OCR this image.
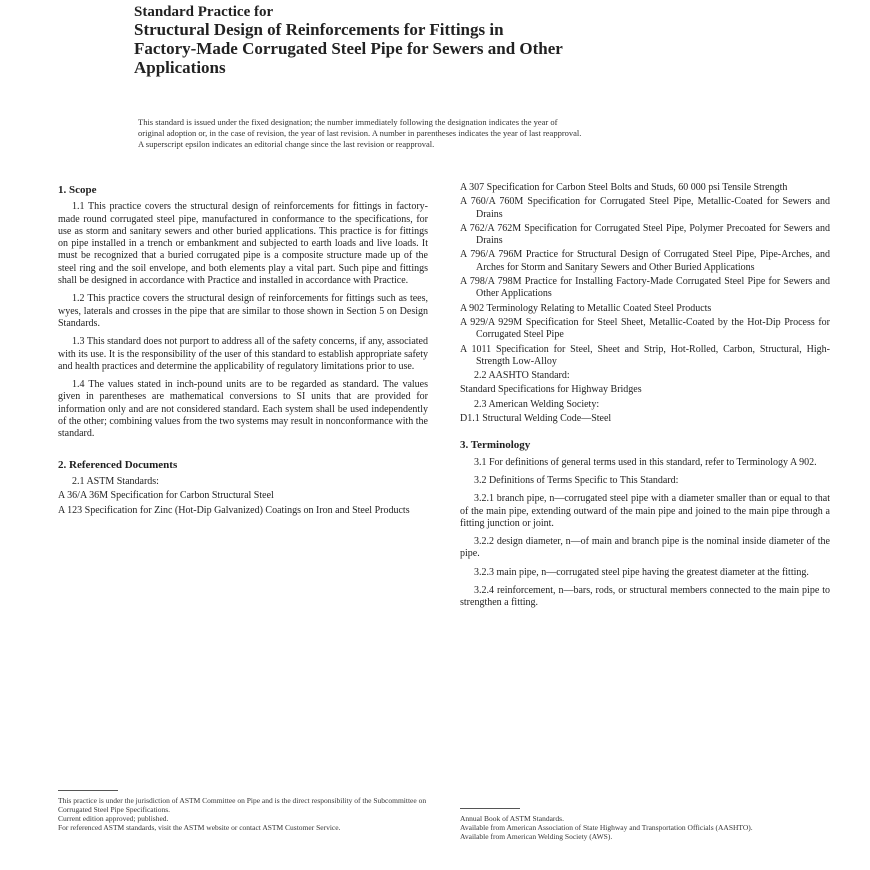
Standard Practice for
Structural Design of Reinforcements for Fittings in
Factory-Made Corrugated Steel Pipe for Sewers and Other
Applications
This standard is issued under the fixed designation; the number immediately following the designation indicates the year of
original adoption or, in the case of revision, the year of last revision. A number in parentheses indicates the year of last reapproval.
A superscript epsilon indicates an editorial change since the last revision or reapproval.
1. Scope

1.1 This practice covers the structural design of reinforcements for fittings in factory-made round corrugated steel pipe, manufactured in conformance to the specifications, for use as storm and sanitary sewers and other buried applications. This practice is for fittings on pipe installed in a trench or embankment and subjected to earth loads and live loads. It must be recognized that a buried corrugated pipe is a composite structure made up of the steel ring and the soil envelope, and both elements play a vital part. Such pipe and fittings shall be designed in accordance with Practice and installed in accordance with Practice.

1.2 This practice covers the structural design of reinforcements for fittings such as tees, wyes, laterals and crosses in the pipe that are similar to those shown in Section 5 on Design Standards.

1.3 This standard does not purport to address all of the safety concerns, if any, associated with its use. It is the responsibility of the user of this standard to establish appropriate safety and health practices and determine the applicability of regulatory limitations prior to use.

1.4 The values stated in inch-pound units are to be regarded as standard. The values given in parentheses are mathematical conversions to SI units that are provided for information only and are not considered standard. Each system shall be used independently of the other; combining values from the two systems may result in nonconformance with the standard.

2. Referenced Documents

2.1 ASTM Standards:

A 36/A 36M Specification for Carbon Structural Steel

A 123 Specification for Zinc (Hot-Dip Galvanized) Coatings on Iron and Steel Products

This practice is under the jurisdiction of ASTM Committee on Pipe and is the direct responsibility of the Subcommittee on Corrugated Steel Pipe Specifications.
Current edition approved; published.
For referenced ASTM standards, visit the ASTM website or contact ASTM Customer Service.

A 307 Specification for Carbon Steel Bolts and Studs, 60 000 psi Tensile Strength

A 760/A 760M Specification for Corrugated Steel Pipe, Metallic-Coated for Sewers and Drains

A 762/A 762M Specification for Corrugated Steel Pipe, Polymer Precoated for Sewers and Drains

A 796/A 796M Practice for Structural Design of Corrugated Steel Pipe, Pipe-Arches, and Arches for Storm and Sanitary Sewers and Other Buried Applications

A 798/A 798M Practice for Installing Factory-Made Corrugated Steel Pipe for Sewers and Other Applications

A 902 Terminology Relating to Metallic Coated Steel Products

A 929/A 929M Specification for Steel Sheet, Metallic-Coated by the Hot-Dip Process for Corrugated Steel Pipe

A 1011 Specification for Steel, Sheet and Strip, Hot-Rolled, Carbon, Structural, High-Strength Low-Alloy

2.2 AASHTO Standard:

Standard Specifications for Highway Bridges

2.3 American Welding Society:

D1.1 Structural Welding Code—Steel

3. Terminology

3.1 For definitions of general terms used in this standard, refer to Terminology A 902.

3.2 Definitions of Terms Specific to This Standard:

3.2.1 branch pipe, n—corrugated steel pipe with a diameter smaller than or equal to that of the main pipe, extending outward of the main pipe and joined to the main pipe through a fitting junction or joint.

3.2.2 design diameter, n—of main and branch pipe is the nominal inside diameter of the pipe.

3.2.3 main pipe, n—corrugated steel pipe having the greatest diameter at the fitting.

3.2.4 reinforcement, n—bars, rods, or structural members connected to the main pipe to strengthen a fitting.

Annual Book of ASTM Standards.
Available from American Association of State Highway and Transportation Officials (AASHTO).
Available from American Welding Society (AWS).
